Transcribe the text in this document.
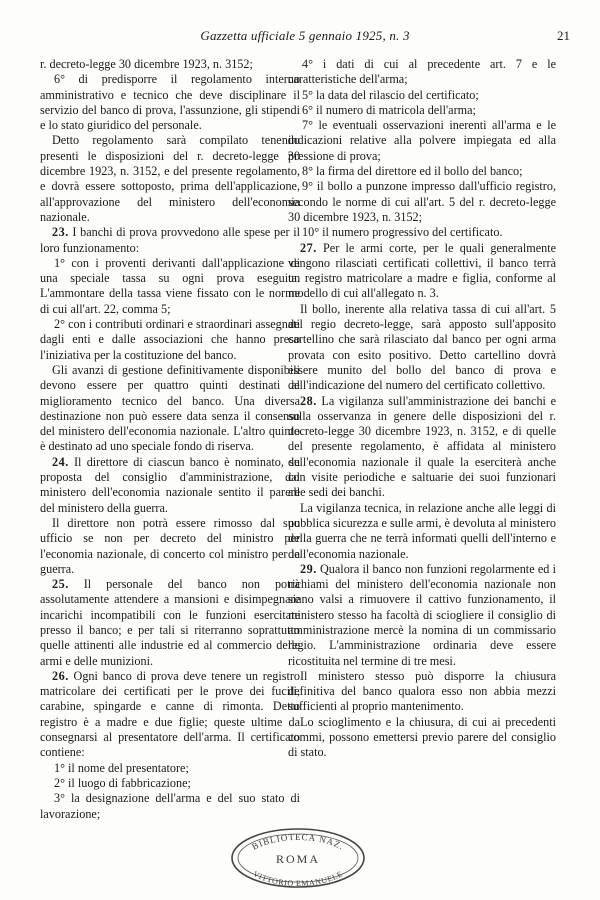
Gazzetta ufficiale 5 gennaio 1925, n. 3	21

r. decreto-legge 30 dicembre 1923, n. 3152;

6° di predisporre il regolamento interno amministrativo e tecnico che deve disciplinare il servizio del banco di prova, l'assunzione, gli stipendi e lo stato giuridico del personale.

Detto regolamento sarà compilato tenendo presenti le disposizioni del r. decreto-legge 30 dicembre 1923, n. 3152, e del presente regolamento, e dovrà essere sottoposto, prima dell'applicazione, all'approvazione del ministero dell'economia nazionale.

23. I banchi di prova provvedono alle spese per il loro funzionamento:

1° con i proventi derivanti dall'applicazione di una speciale tassa su ogni prova eseguita. L'ammontare della tassa viene fissato con le norme di cui all'art. 22, comma 5;

2° con i contributi ordinari e straordinari assegnati dagli enti e dalle associazioni che hanno preso l'iniziativa per la costituzione del banco.

Gli avanzi di gestione definitivamente disponibili devono essere per quattro quinti destinati al miglioramento tecnico del banco. Una diversa destinazione non può essere data senza il consenso del ministero dell'economia nazionale. L'altro quinto è destinato ad uno speciale fondo di riserva.

24. Il direttore di ciascun banco è nominato, su proposta del consiglio d'amministrazione, dal ministero dell'economia nazionale sentito il parere del ministero della guerra.

Il direttore non potrà essere rimosso dal suo ufficio se non per decreto del ministro per l'economia nazionale, di concerto col ministro per la guerra.

25. Il personale del banco non potrà assolutamente attendere a mansioni e disimpegnare incarichi incompatibili con le funzioni esercitate presso il banco; e per tali si riterranno soprattutto quelle attinenti alle industrie ed al commercio delle armi e delle munizioni.

26. Ogni banco di prova deve tenere un registro matricolare dei certificati per le prove dei fucili, carabine, spingarde e canne di rimonta. Detto registro è a madre e due figlie; queste ultime da consegnarsi al presentatore dell'arma. Il certificato contiene:

1° il nome del presentatore;

2° il luogo di fabbricazione;

3° la designazione dell'arma e del suo stato di lavorazione;

4° i dati di cui al precedente art. 7 e le caratteristiche dell'arma;

5° la data del rilascio del certificato;

6° il numero di matricola dell'arma;

7° le eventuali osservazioni inerenti all'arma e le indicazioni relative alla polvere impiegata ed alla pressione di prova;

8° la firma del direttore ed il bollo del banco;

9° il bollo a punzone impresso dall'ufficio registro, secondo le norme di cui all'art. 5 del r. decreto-legge 30 dicembre 1923, n. 3152;

10° il numero progressivo del certificato.

27. Per le armi corte, per le quali generalmente vengono rilasciati certificati collettivi, il banco terrà un registro matricolare a madre e figlia, conforme al modello di cui all'allegato n. 3.

Il bollo, inerente alla relativa tassa di cui all'art. 5 del regio decreto-legge, sarà apposto sull'apposito cartellino che sarà rilasciato dal banco per ogni arma provata con esito positivo. Detto cartellino dovrà essere munito del bollo del banco di prova e dell'indicazione del numero del certificato collettivo.

28. La vigilanza sull'amministrazione dei banchi e sulla osservanza in genere delle disposizioni del r. decreto-legge 30 dicembre 1923, n. 3152, e di quelle del presente regolamento, è affidata al ministero dell'economia nazionale il quale la eserciterà anche con visite periodiche e saltuarie dei suoi funzionari alle sedi dei banchi.

La vigilanza tecnica, in relazione anche alle leggi di pubblica sicurezza e sulle armi, è devoluta al ministero della guerra che ne terrà informati quelli dell'interno e dell'economia nazionale.

29. Qualora il banco non funzioni regolarmente ed i richiami del ministero dell'economia nazionale non siano valsi a rimuovere il cattivo funzionamento, il ministero stesso ha facoltà di sciogliere il consiglio di amministrazione mercè la nomina di un commissario regio. L'amministrazione ordinaria deve essere ricostituita nel termine di tre mesi.

Il ministero stesso può disporre la chiusura definitiva del banco qualora esso non abbia mezzi sufficienti al proprio mantenimento.

Lo scioglimento e la chiusura, di cui ai precedenti commi, possono emettersi previo parere del consiglio di stato.

BIBLIOTECA NAZ.
ROMA
VITTORIO EMANUELE
